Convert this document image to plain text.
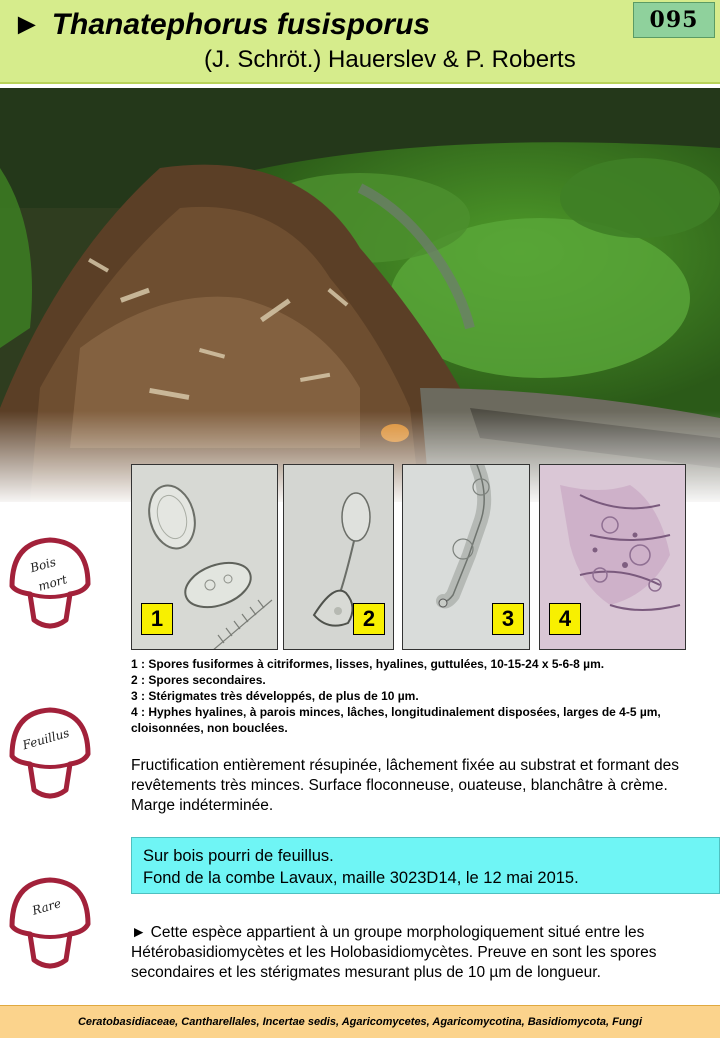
► Thanatephorus fusisporus
(J. Schröt.) Hauerslev & P. Roberts
095
1	2	3	4
Bois
mort
Feuillus
Rare
1 : Spores fusiformes à citriformes, lisses, hyalines, guttulées, 10-15-24 x 5-6-8 µm.
2 : Spores secondaires.
3 : Stérigmates très développés, de plus de 10 µm.
4 : Hyphes hyalines, à parois minces, lâches, longitudinalement disposées, larges de 4-5 µm, cloisonnées, non bouclées.
Fructification entièrement résupinée, lâchement fixée au substrat et formant des revêtements très minces. Surface floconneuse, ouateuse, blanchâtre à crème. Marge indéterminée.
Sur bois pourri de feuillus.
Fond de la combe Lavaux, maille 3023D14, le 12 mai 2015.
► Cette espèce appartient à un groupe morphologiquement situé entre les Hétérobasidiomycètes et les Holobasidiomycètes. Preuve en sont les spores secondaires et les stérigmates mesurant plus de 10 µm de longueur.
Ceratobasidiaceae, Cantharellales, Incertae sedis, Agaricomycetes, Agaricomycotina, Basidiomycota, Fungi
